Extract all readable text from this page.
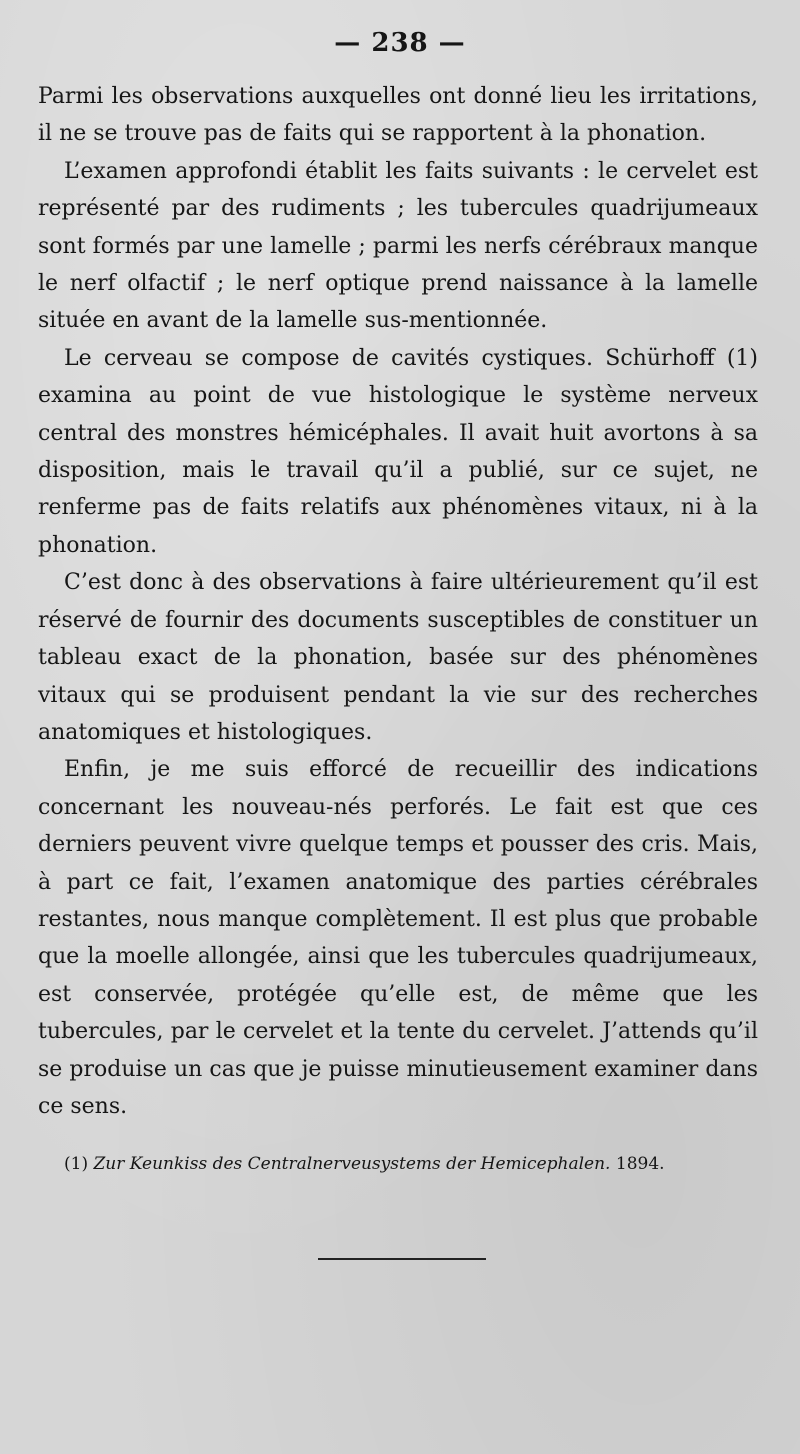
— 238 —

Parmi les observations auxquelles ont donné lieu les irritations, il ne se trouve pas de faits qui se rapportent à la phonation.

L’examen approfondi établit les faits suivants : le cervelet est représenté par des rudiments ; les tubercules quadrijumeaux sont formés par une lamelle ; parmi les nerfs cérébraux manque le nerf olfactif ; le nerf optique prend naissance à la lamelle située en avant de la lamelle sus-mentionnée.

Le cerveau se compose de cavités cystiques. Schürhoff (1) examina au point de vue histologique le système nerveux central des monstres hémicéphales. Il avait huit avortons à sa disposition, mais le travail qu’il a publié, sur ce sujet, ne renferme pas de faits relatifs aux phénomènes vitaux, ni à la phonation.

C’est donc à des observations à faire ultérieurement qu’il est réservé de fournir des documents susceptibles de constituer un tableau exact de la phonation, basée sur des phénomènes vitaux qui se produisent pendant la vie sur des recherches anatomiques et histologiques.

Enfin, je me suis efforcé de recueillir des indications concernant les nouveau-nés perforés. Le fait est que ces derniers peuvent vivre quelque temps et pousser des cris. Mais, à part ce fait, l’examen anatomique des parties cérébrales restantes, nous manque complètement. Il est plus que probable que la moelle allongée, ainsi que les tubercules quadrijumeaux, est conservée, protégée qu’elle est, de même que les tubercules, par le cervelet et la tente du cervelet. J’attends qu’il se produise un cas que je puisse minutieusement examiner dans ce sens.

(1) Zur Keunkiss des Centralnerveusystems der Hemicephalen. 1894.
